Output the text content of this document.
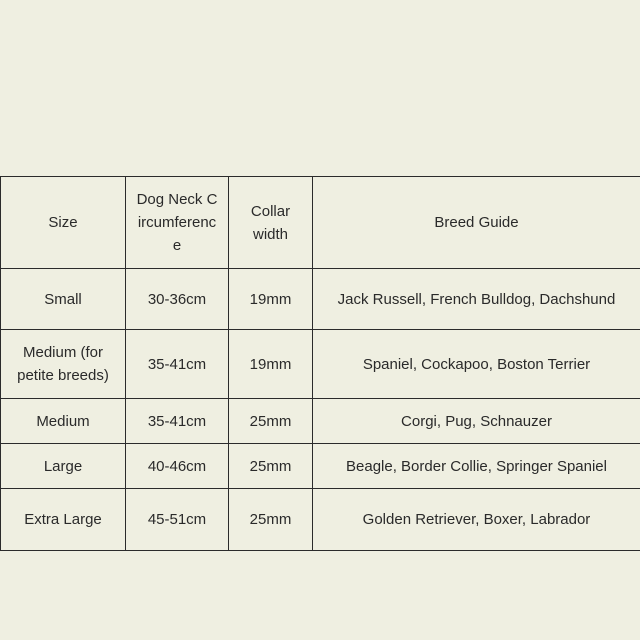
Size	Dog Neck Circumference	Collar width	Breed Guide
Small	30-36cm	19mm	Jack Russell, French Bulldog, Dachshund
Medium (for petite breeds)	35-41cm	19mm	Spaniel, Cockapoo, Boston Terrier
Medium	35-41cm	25mm	Corgi, Pug, Schnauzer
Large	40-46cm	25mm	Beagle, Border Collie, Springer Spaniel
Extra Large	45-51cm	25mm	Golden Retriever, Boxer, Labrador
